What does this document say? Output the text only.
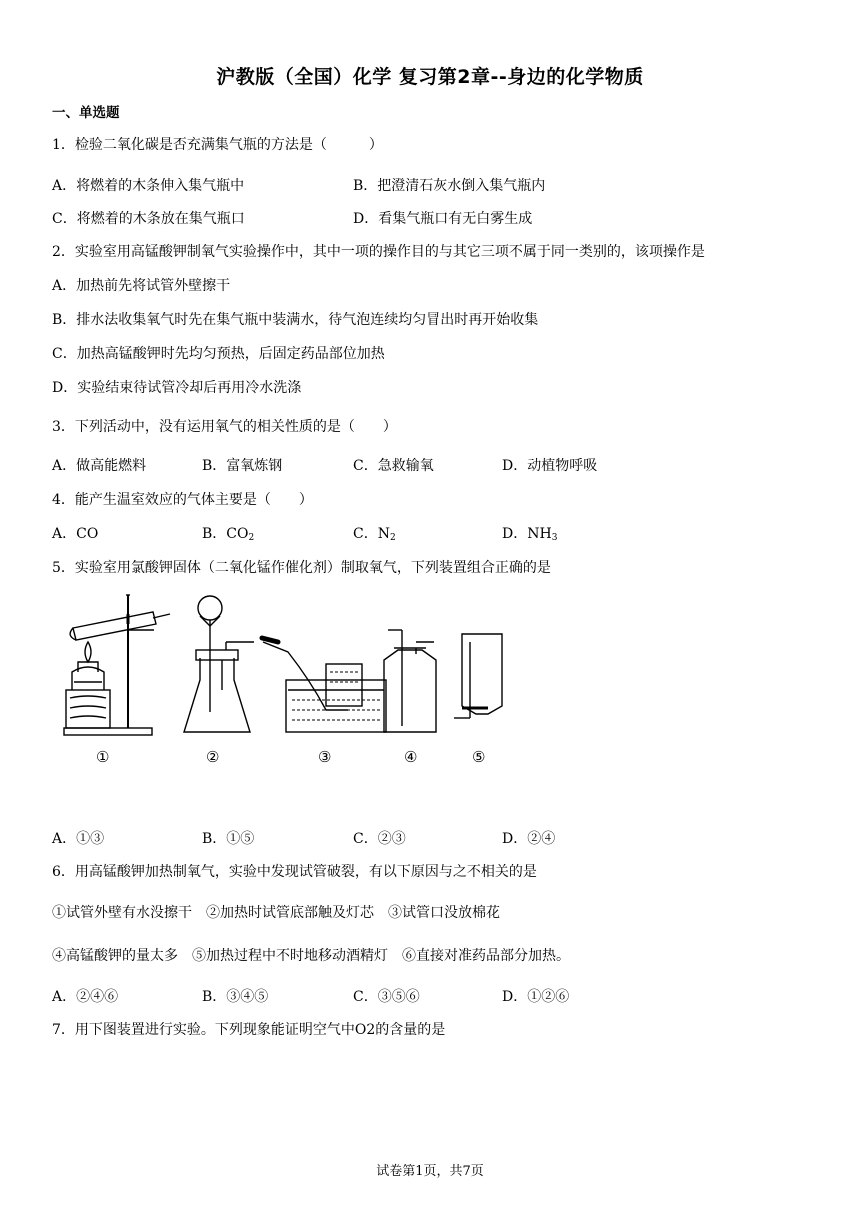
沪教版（全国）化学 复习第2章--身边的化学物质
一、单选题
1．检验二氧化碳是否充满集气瓶的方法是（　　　）
A．将燃着的木条伸入集气瓶中	B．把澄清石灰水倒入集气瓶内
C．将燃着的木条放在集气瓶口	D．看集气瓶口有无白雾生成
2．实验室用高锰酸钾制氧气实验操作中，其中一项的操作目的与其它三项不属于同一类别的，该项操作是
A．加热前先将试管外壁擦干
B．排水法收集氧气时先在集气瓶中装满水，待气泡连续均匀冒出时再开始收集
C．加热高锰酸钾时先均匀预热，后固定药品部位加热
D．实验结束待试管冷却后再用冷水洗涤
3．下列活动中，没有运用氧气的相关性质的是（　　）
A．做高能燃料	B．富氧炼钢	C．急救输氧	D．动植物呼吸
4．能产生温室效应的气体主要是（　　）
A．CO	B．$CO_2$	C．$N_2$	D．$NH_3$
5．实验室用氯酸钾固体（二氧化锰作催化剂）制取氧气，下列装置组合正确的是
①	②	③	④	⑤
A．①③	B．①⑤	C．②③	D．②④
6．用高锰酸钾加热制氧气，实验中发现试管破裂，有以下原因与之不相关的是
①试管外壁有水没擦干　②加热时试管底部触及灯芯　③试管口没放棉花
④高锰酸钾的量太多　⑤加热过程中不时地移动酒精灯　⑥直接对准药品部分加热。
A．②④⑥	B．③④⑤	C．③⑤⑥	D．①②⑥
7．用下图装置进行实验。下列现象能证明空气中O2的含量的是
试卷第1页，共7页
